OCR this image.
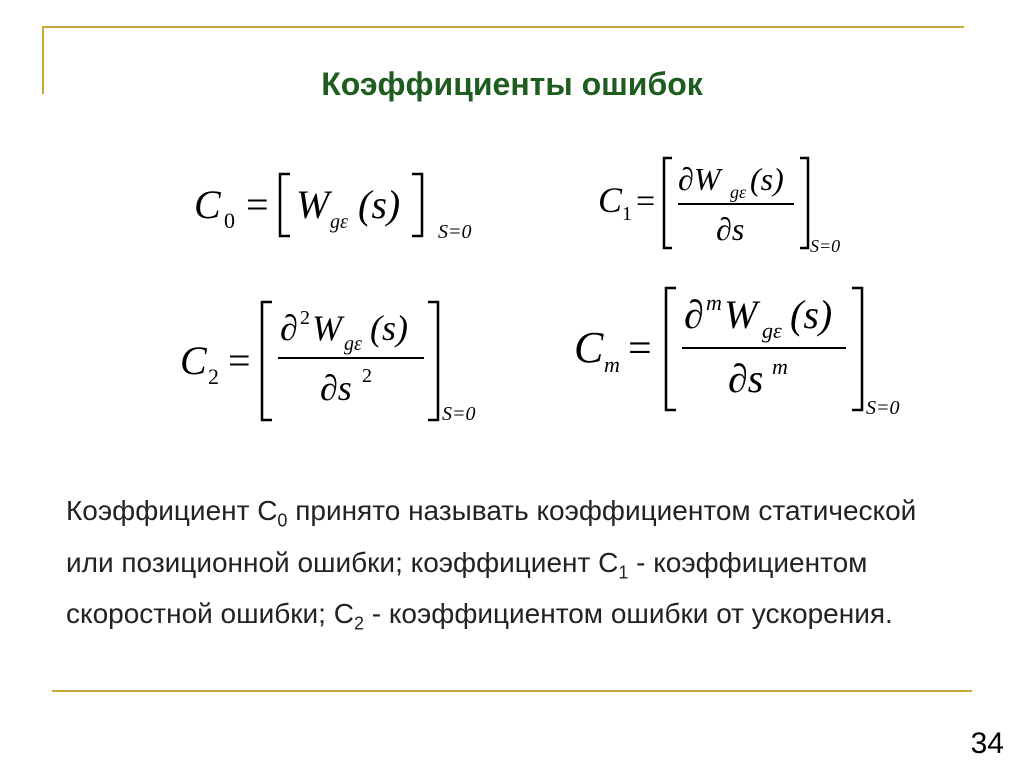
Коэффициенты ошибок
C 0 = W gε (s)
S=0
C 1 =
∂W gε (s)
∂s	S=0
C 2 =
∂ 2 W gε (s)
∂s 2
S=0
C m =
∂ m W gε (s)
∂s m
S=0
Коэффициент $С_0$ принято называть коэффициентом статической или позиционной ошибки; коэффициент $С_1$ - коэффициентом скоростной ошибки; $С_2$ - коэффициентом ошибки от ускорения.
34
